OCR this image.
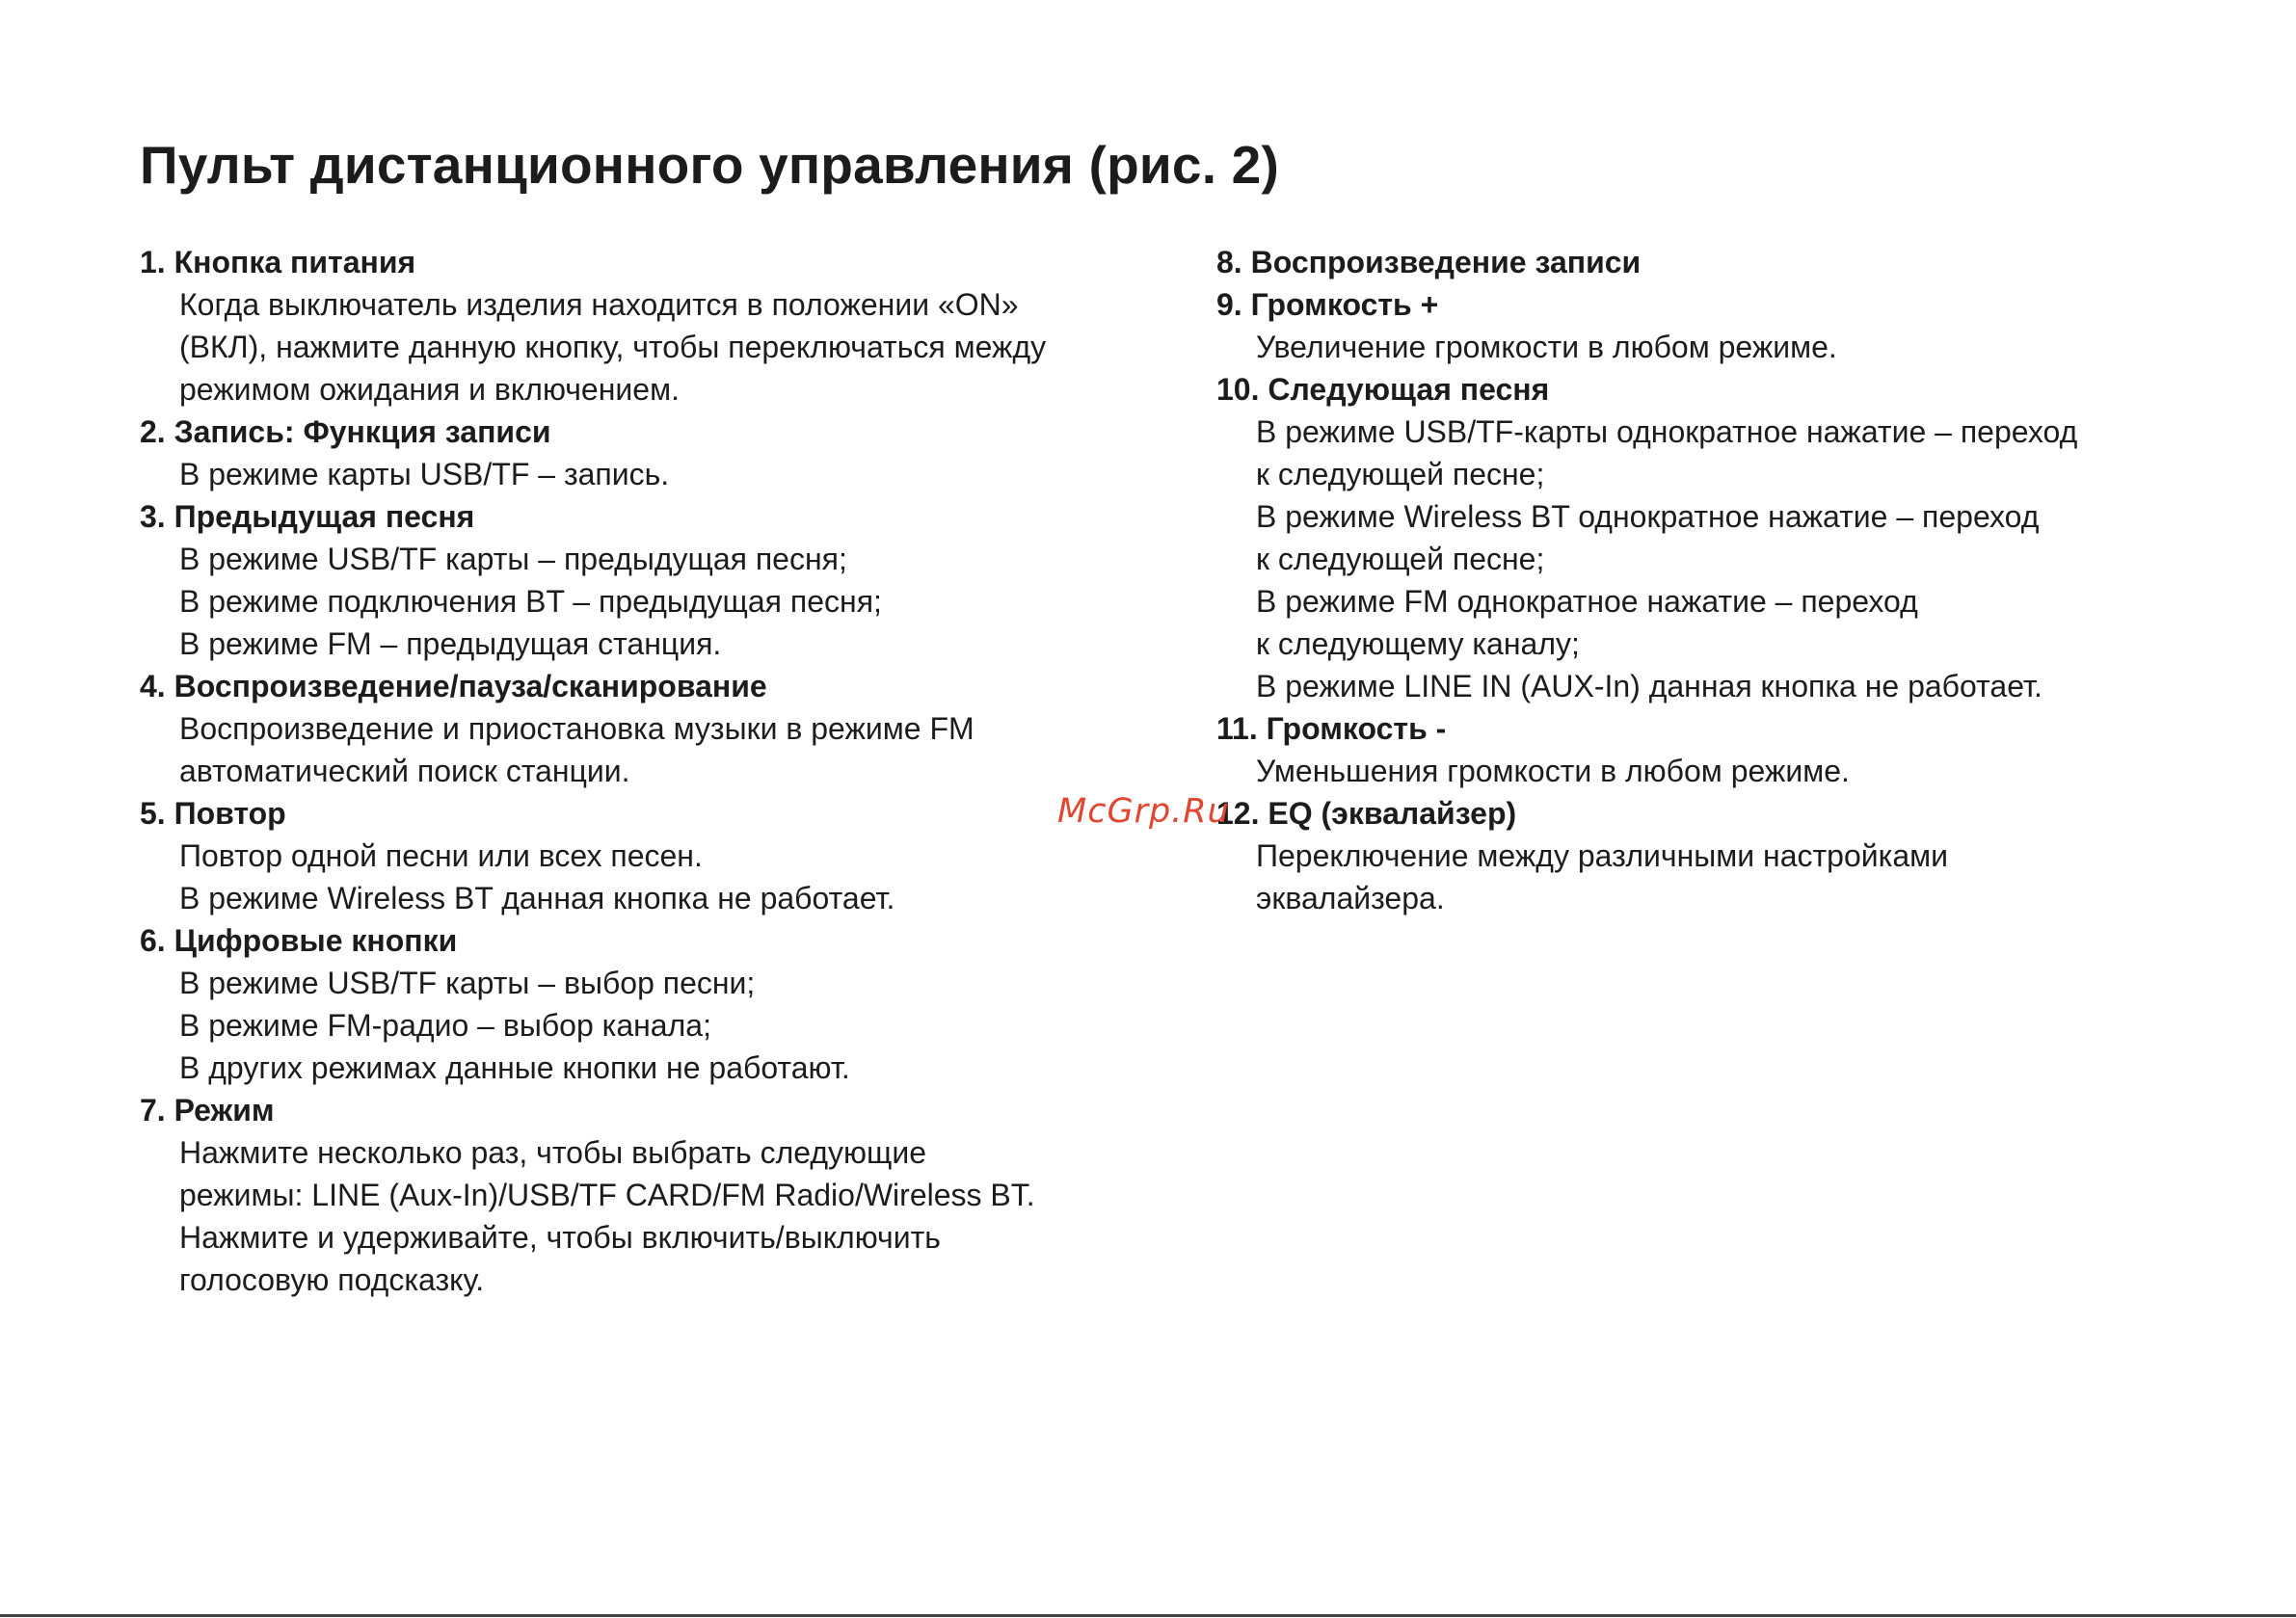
Пульт дистанционного управления (рис. 2)
1. Кнопка питания
Когда выключатель изделия находится в положении «ON»
(ВКЛ), нажмите данную кнопку, чтобы переключаться между
режимом ожидания и включением.
2. Запись: Функция записи
В режиме карты USB/TF – запись.
3. Предыдущая песня
В режиме USB/TF карты – предыдущая песня;
В режиме подключения BT – предыдущая песня;
В режиме FM – предыдущая станция.
4. Воспроизведение/пауза/сканирование
Воспроизведение и приостановка музыки в режиме FM
автоматический поиск станции.
5. Повтор
Повтор одной песни или всех песен.
В режиме Wireless BT данная кнопка не работает.
6. Цифровые кнопки
В режиме USB/TF карты – выбор песни;
В режиме FM-радио – выбор канала;
В других режимах данные кнопки не работают.
7. Режим
Нажмите несколько раз, чтобы выбрать следующие
режимы: LINE (Aux-In)/USB/TF CARD/FM Radio/Wireless BT.
Нажмите и удерживайте, чтобы включить/выключить
голосовую подсказку.
8. Воспроизведение записи
9. Громкость +
Увеличение громкости в любом режиме.
10. Следующая песня
В режиме USB/TF-карты однократное нажатие – переход
к следующей песне;
В режиме Wireless BT однократное нажатие – переход
к следующей песне;
В режиме FM однократное нажатие – переход
к следующему каналу;
В режиме LINE IN (AUX-In) данная кнопка не работает.
11. Громкость -
Уменьшения громкости в любом режиме.
12. EQ (эквалайзер)
Переключение между различными настройками
эквалайзера.
McGrp.Ru
